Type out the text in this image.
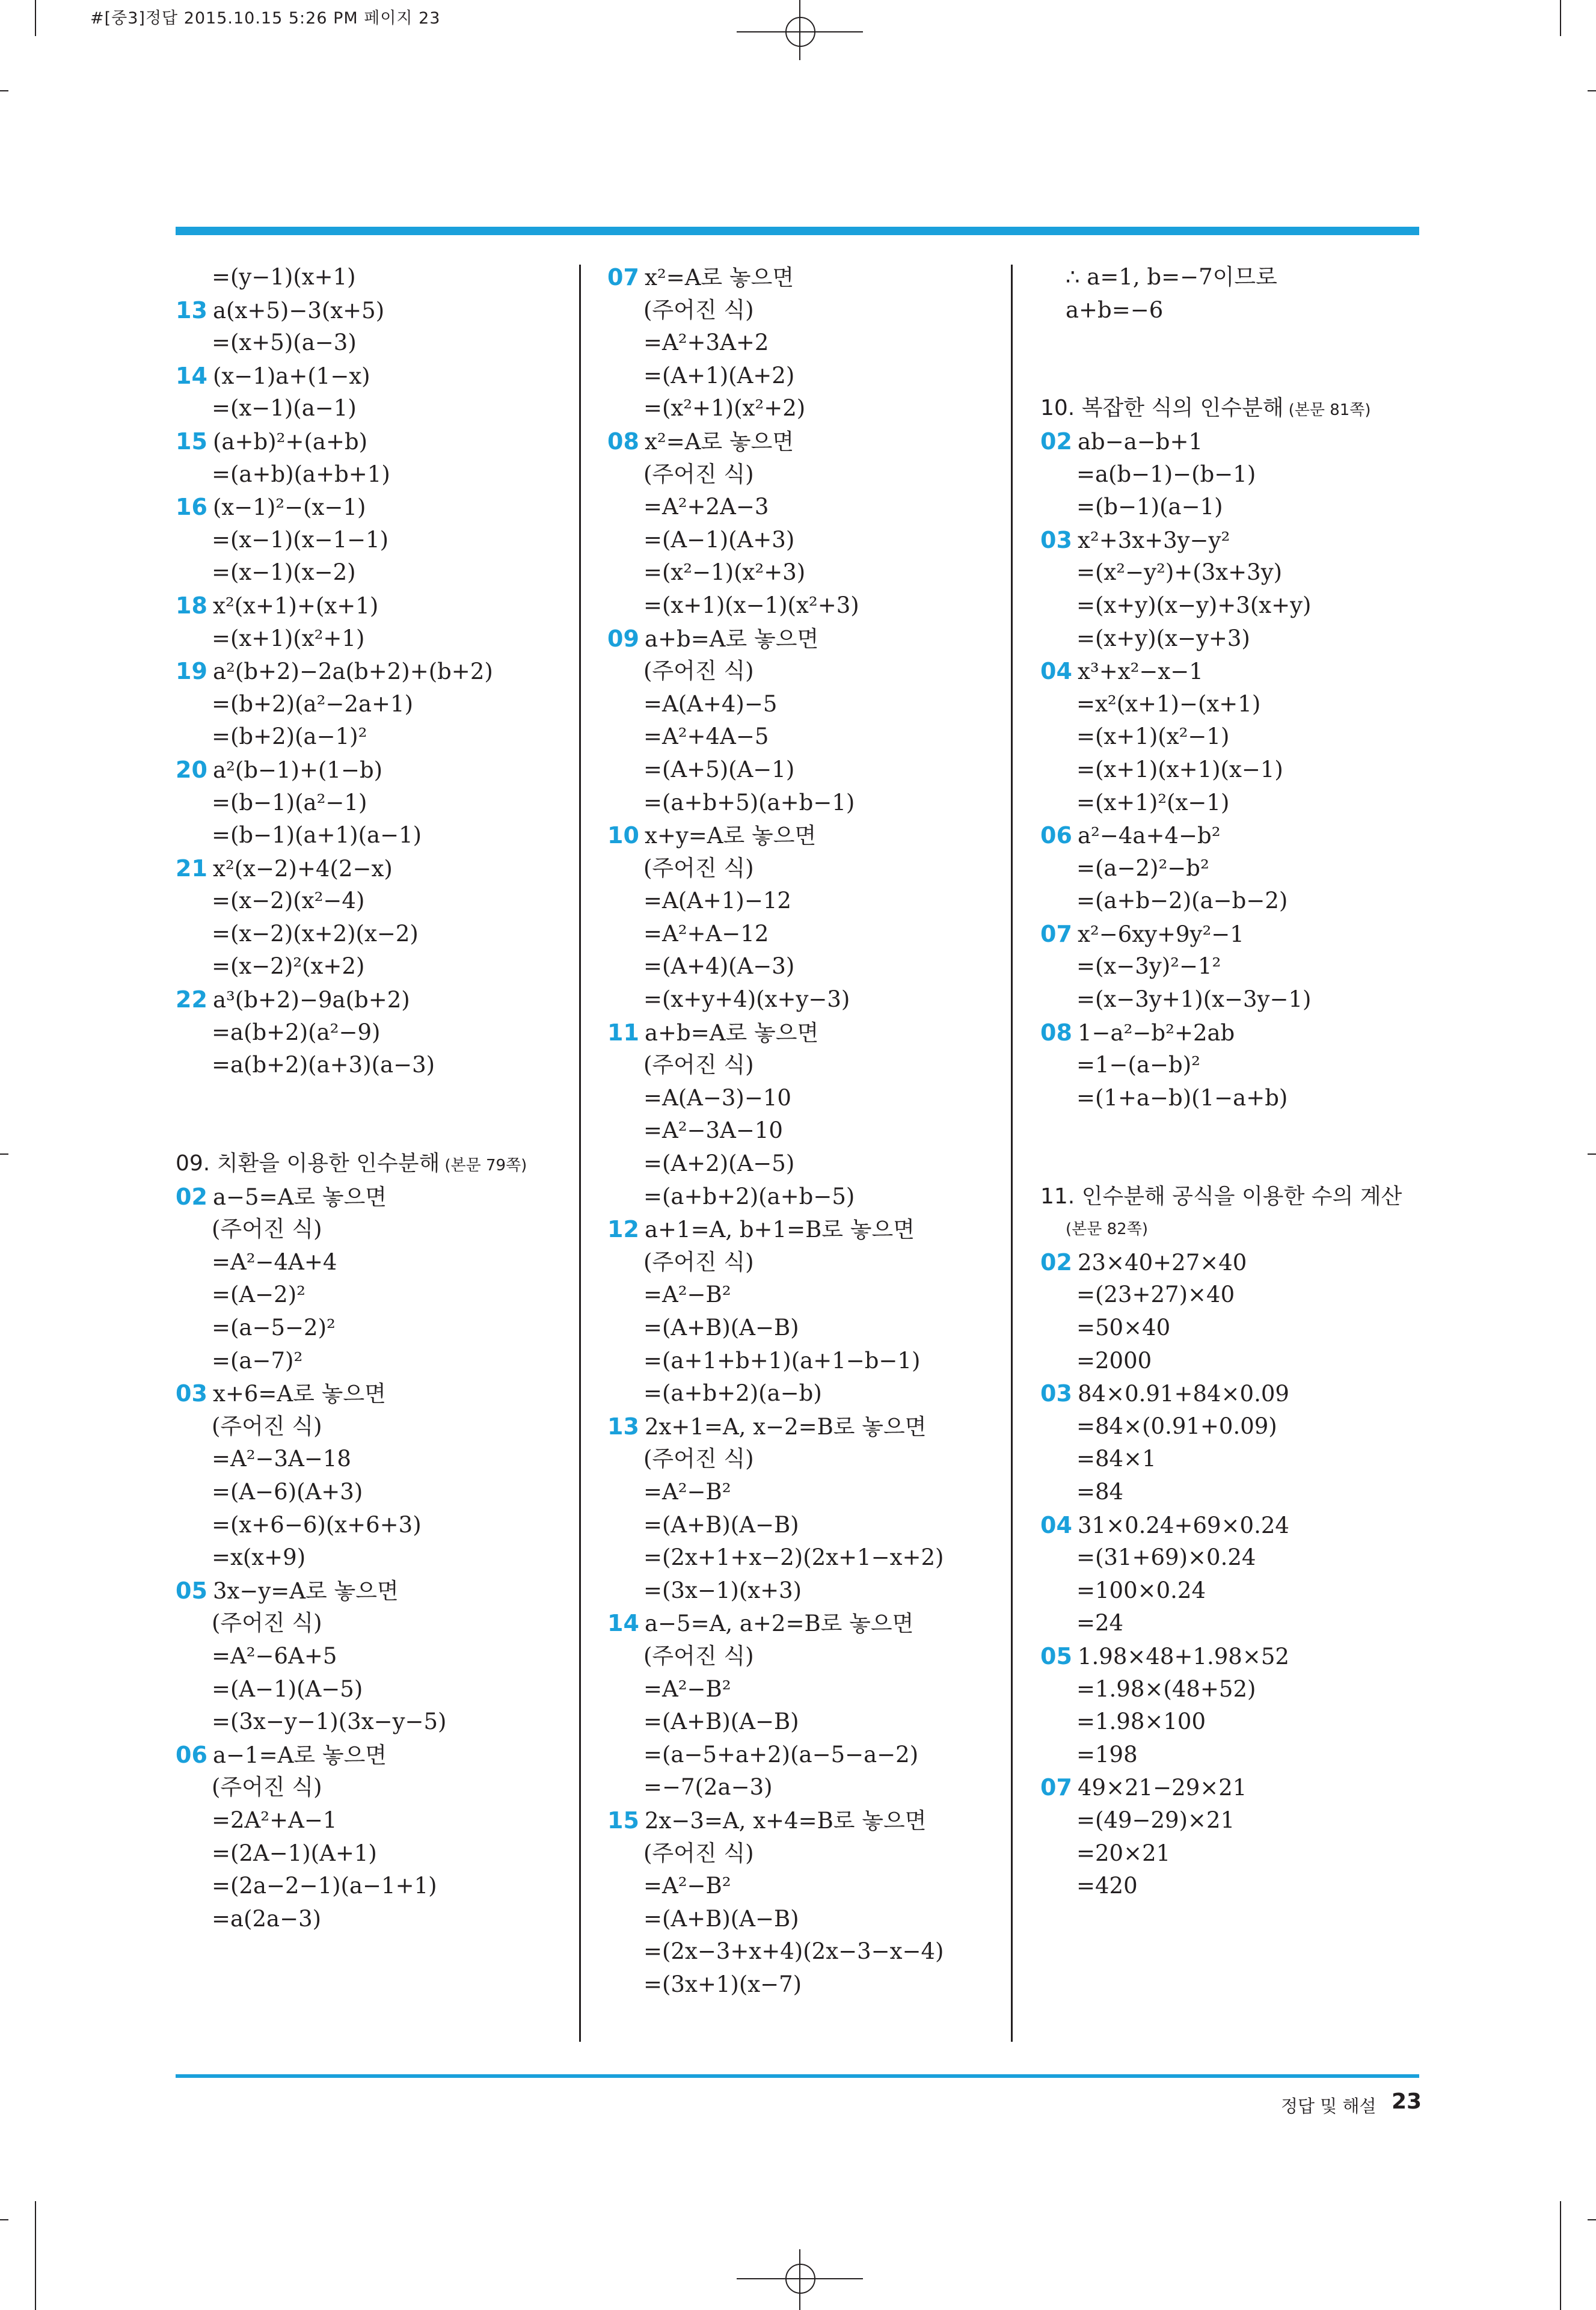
#[중3]정답 2015.10.15 5:26 PM 페이지 23
=(y−1)(x+1)
13 a(x+5)−3(x+5)
=(x+5)(a−3)
14 (x−1)a+(1−x)
=(x−1)(a−1)
15 (a+b)²+(a+b)
=(a+b)(a+b+1)
16 (x−1)²−(x−1)
=(x−1)(x−1−1)
=(x−1)(x−2)
18 x²(x+1)+(x+1)
=(x+1)(x²+1)
19 a²(b+2)−2a(b+2)+(b+2)
=(b+2)(a²−2a+1)
=(b+2)(a−1)²
20 a²(b−1)+(1−b)
=(b−1)(a²−1)
=(b−1)(a+1)(a−1)
21 x²(x−2)+4(2−x)
=(x−2)(x²−4)
=(x−2)(x+2)(x−2)
=(x−2)²(x+2)
22 a³(b+2)−9a(b+2)
=a(b+2)(a²−9)
=a(b+2)(a+3)(a−3)
09. 치환을 이용한 인수분해 (본문 79쪽)
02 a−5=A로 놓으면
(주어진 식)
=A²−4A+4
=(A−2)²
=(a−5−2)²
=(a−7)²
03 x+6=A로 놓으면
(주어진 식)
=A²−3A−18
=(A−6)(A+3)
=(x+6−6)(x+6+3)
=x(x+9)
05 3x−y=A로 놓으면
(주어진 식)
=A²−6A+5
=(A−1)(A−5)
=(3x−y−1)(3x−y−5)
06 a−1=A로 놓으면
(주어진 식)
=2A²+A−1
=(2A−1)(A+1)
=(2a−2−1)(a−1+1)
=a(2a−3)
07 x²=A로 놓으면
(주어진 식)
=A²+3A+2
=(A+1)(A+2)
=(x²+1)(x²+2)
08 x²=A로 놓으면
(주어진 식)
=A²+2A−3
=(A−1)(A+3)
=(x²−1)(x²+3)
=(x+1)(x−1)(x²+3)
09 a+b=A로 놓으면
(주어진 식)
=A(A+4)−5
=A²+4A−5
=(A+5)(A−1)
=(a+b+5)(a+b−1)
10 x+y=A로 놓으면
(주어진 식)
=A(A+1)−12
=A²+A−12
=(A+4)(A−3)
=(x+y+4)(x+y−3)
11 a+b=A로 놓으면
(주어진 식)
=A(A−3)−10
=A²−3A−10
=(A+2)(A−5)
=(a+b+2)(a+b−5)
12 a+1=A, b+1=B로 놓으면
(주어진 식)
=A²−B²
=(A+B)(A−B)
=(a+1+b+1)(a+1−b−1)
=(a+b+2)(a−b)
13 2x+1=A, x−2=B로 놓으면
(주어진 식)
=A²−B²
=(A+B)(A−B)
=(2x+1+x−2)(2x+1−x+2)
=(3x−1)(x+3)
14 a−5=A, a+2=B로 놓으면
(주어진 식)
=A²−B²
=(A+B)(A−B)
=(a−5+a+2)(a−5−a−2)
=−7(2a−3)
15 2x−3=A, x+4=B로 놓으면
(주어진 식)
=A²−B²
=(A+B)(A−B)
=(2x−3+x+4)(2x−3−x−4)
=(3x+1)(x−7)
∴ a=1, b=−7이므로
a+b=−6
10. 복잡한 식의 인수분해 (본문 81쪽)
02 ab−a−b+1
=a(b−1)−(b−1)
=(b−1)(a−1)
03 x²+3x+3y−y²
=(x²−y²)+(3x+3y)
=(x+y)(x−y)+3(x+y)
=(x+y)(x−y+3)
04 x³+x²−x−1
=x²(x+1)−(x+1)
=(x+1)(x²−1)
=(x+1)(x+1)(x−1)
=(x+1)²(x−1)
06 a²−4a+4−b²
=(a−2)²−b²
=(a+b−2)(a−b−2)
07 x²−6xy+9y²−1
=(x−3y)²−1²
=(x−3y+1)(x−3y−1)
08 1−a²−b²+2ab
=1−(a−b)²
=(1+a−b)(1−a+b)
11. 인수분해 공식을 이용한 수의 계산
(본문 82쪽)
02 23×40+27×40
=(23+27)×40
=50×40
=2000
03 84×0.91+84×0.09
=84×(0.91+0.09)
=84×1
=84
04 31×0.24+69×0.24
=(31+69)×0.24
=100×0.24
=24
05 1.98×48+1.98×52
=1.98×(48+52)
=1.98×100
=198
07 49×21−29×21
=(49−29)×21
=20×21
=420
정답 및 해설 23
